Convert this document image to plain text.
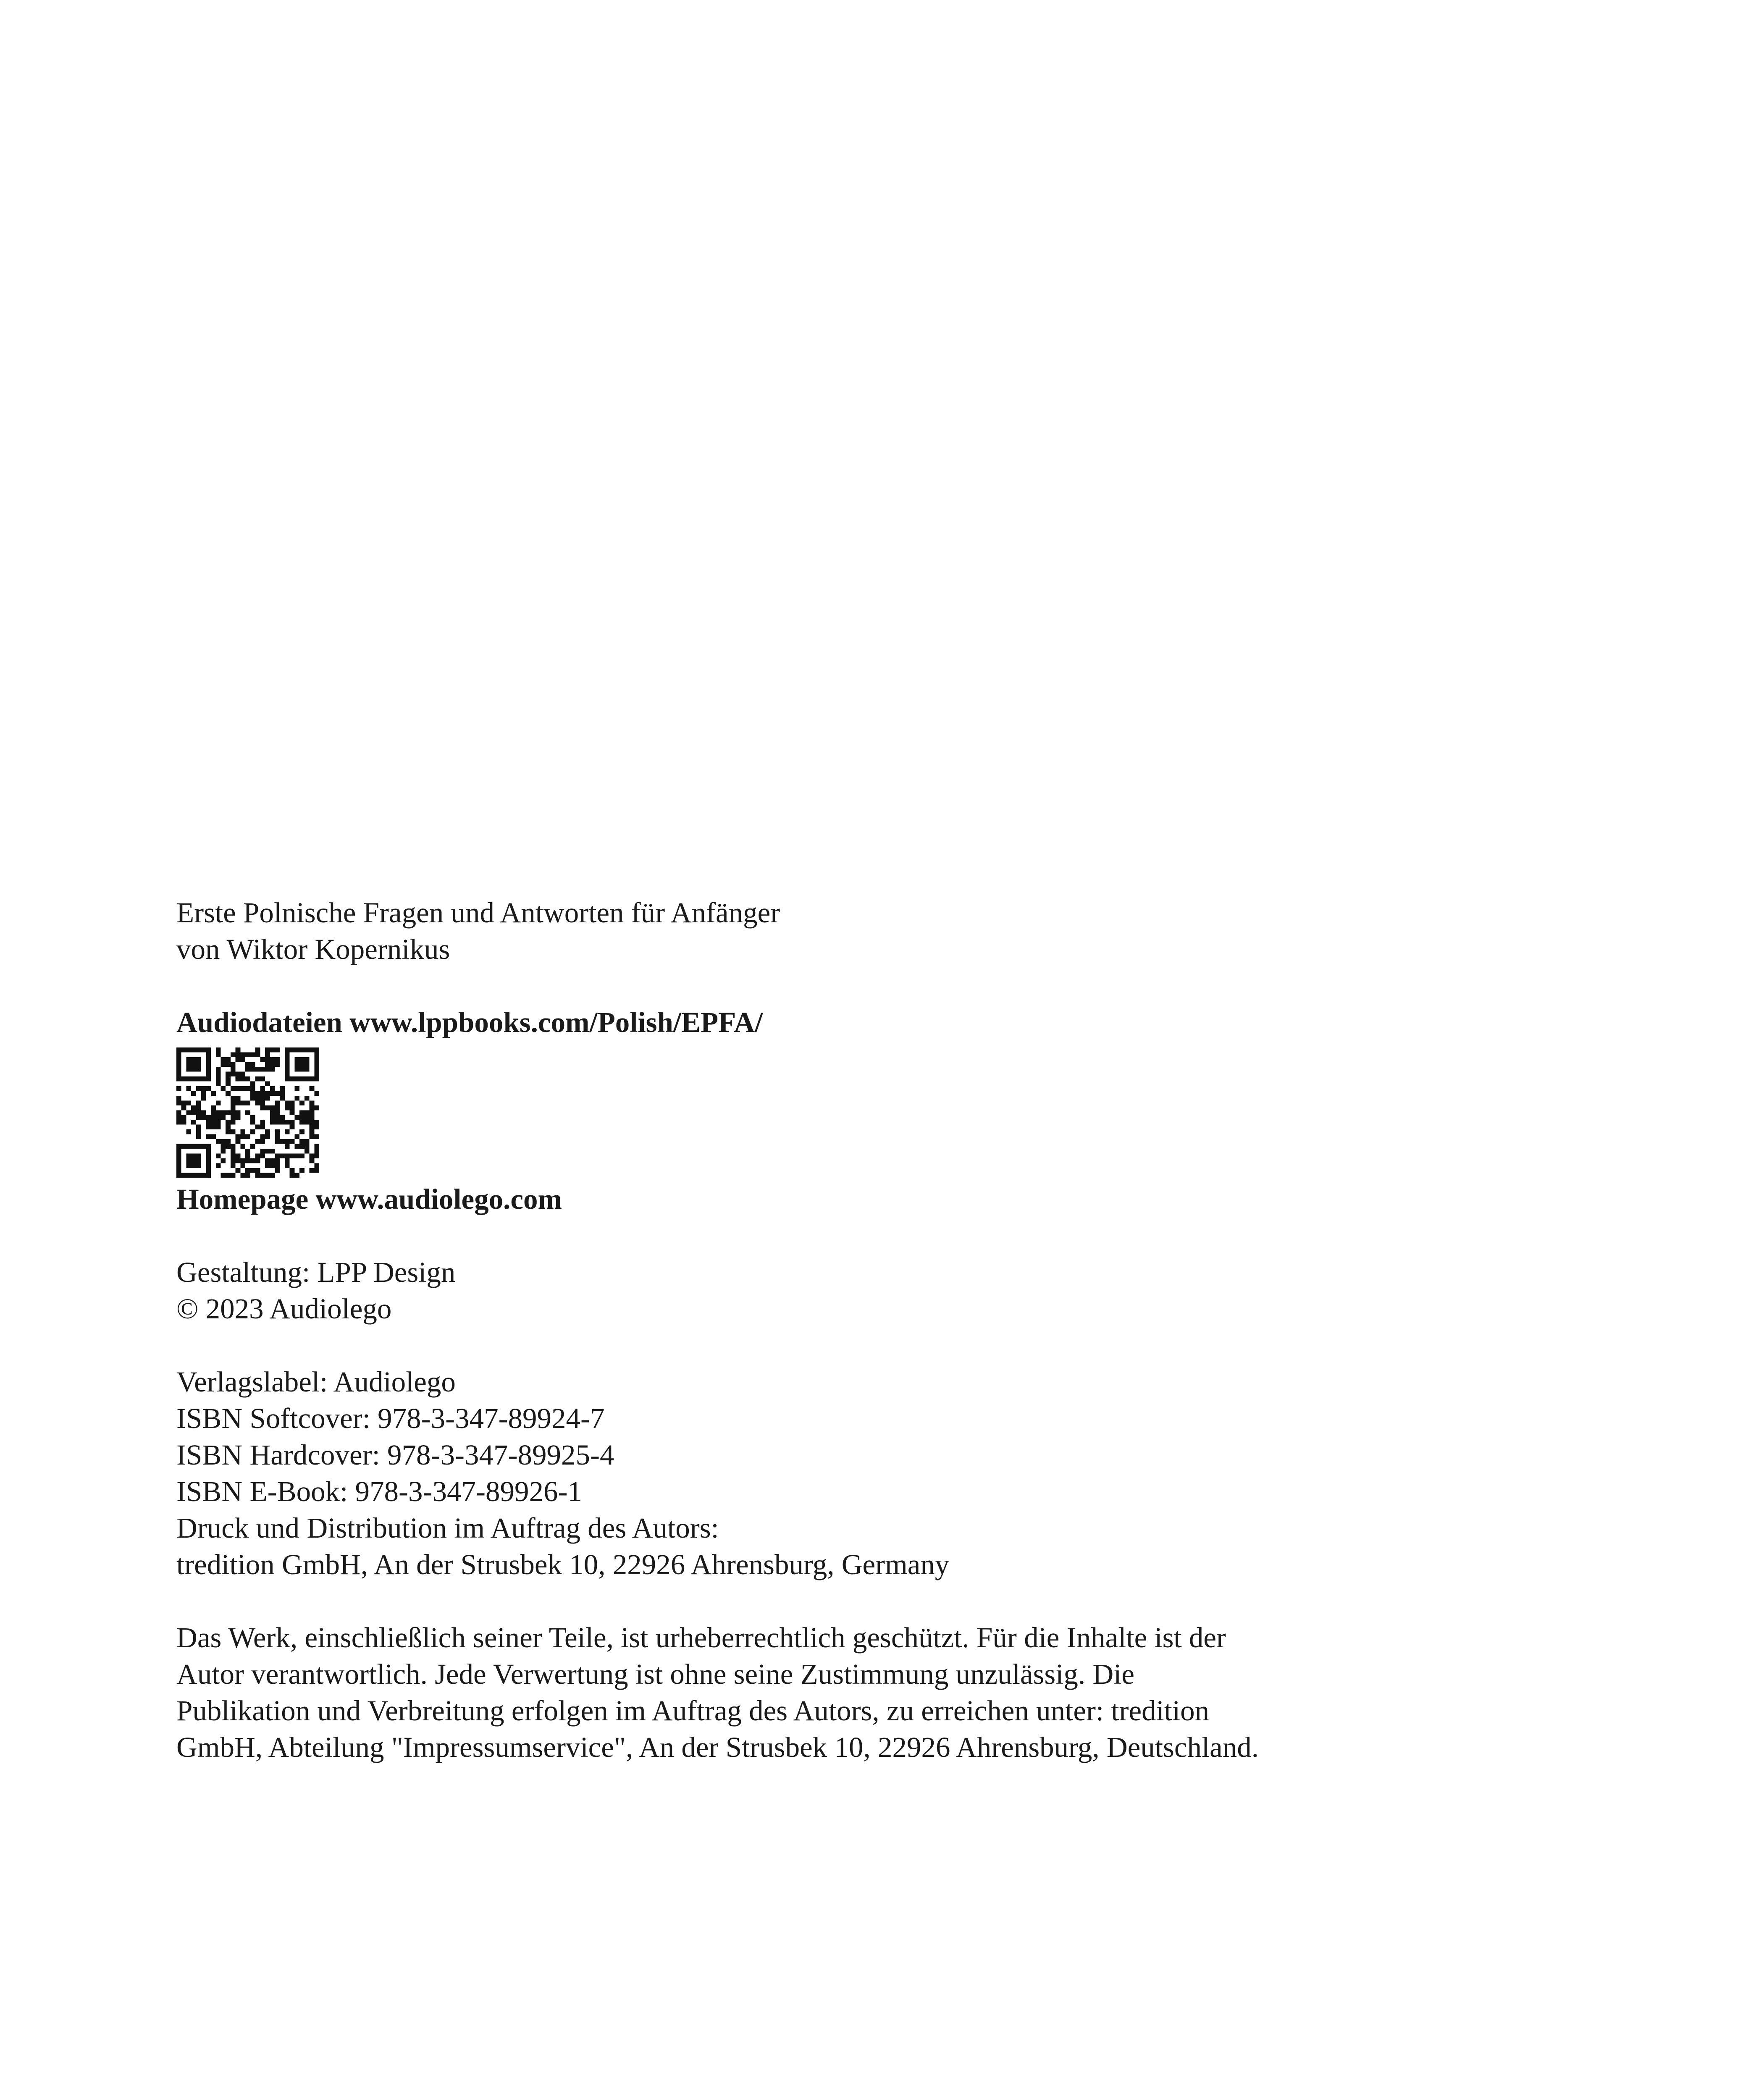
Erste Polnische Fragen und Antworten für Anfänger
von Wiktor Kopernikus
Audiodateien www.lppbooks.com/Polish/EPFA/
Homepage www.audiolego.com
Gestaltung: LPP Design
© 2023 Audiolego
Verlagslabel: Audiolego
ISBN Softcover: 978-3-347-89924-7
ISBN Hardcover: 978-3-347-89925-4
ISBN E-Book: 978-3-347-89926-1
Druck und Distribution im Auftrag des Autors:
tredition GmbH, An der Strusbek 10, 22926 Ahrensburg, Germany
Das Werk, einschließlich seiner Teile, ist urheberrechtlich geschützt. Für die Inhalte ist der
Autor verantwortlich. Jede Verwertung ist ohne seine Zustimmung unzulässig. Die
Publikation und Verbreitung erfolgen im Auftrag des Autors, zu erreichen unter: tredition
GmbH, Abteilung "Impressumservice", An der Strusbek 10, 22926 Ahrensburg, Deutschland.
